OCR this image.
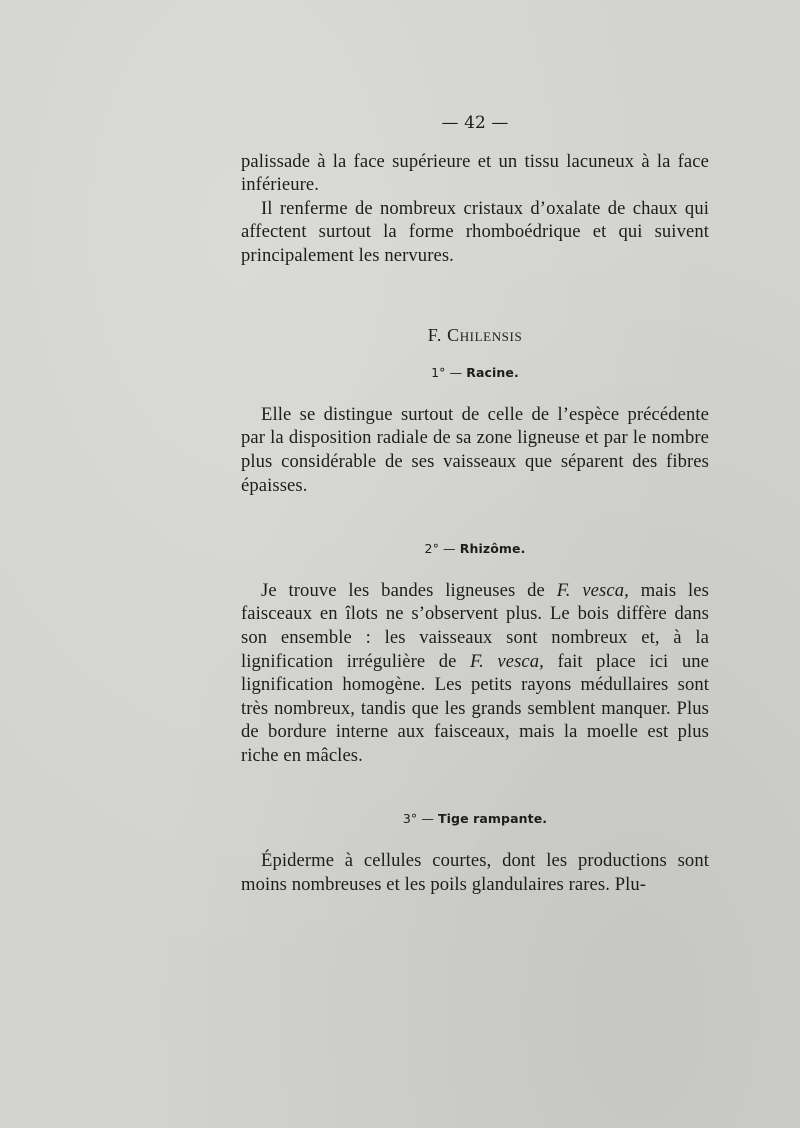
— 42 —

palissade à la face supérieure et un tissu lacuneux à la face inférieure.

Il renferme de nombreux cristaux d’oxalate de chaux qui affectent surtout la forme rhomboédrique et qui suivent principalement les nervures.

F. Chilensis
1° — Racine.

Elle se distingue surtout de celle de l’espèce précédente par la disposition radiale de sa zone ligneuse et par le nombre plus considérable de ses vaisseaux que séparent des fibres épaisses.

2° — Rhizôme.

Je trouve les bandes ligneuses de F. vesca, mais les faisceaux en îlots ne s’observent plus. Le bois diffère dans son ensemble : les vaisseaux sont nombreux et, à la lignification irrégulière de F. vesca, fait place ici une lignification homogène. Les petits rayons médullaires sont très nombreux, tandis que les grands semblent manquer. Plus de bordure interne aux faisceaux, mais la moelle est plus riche en mâcles.

3° — Tige rampante.

Épiderme à cellules courtes, dont les productions sont moins nombreuses et les poils glandulaires rares. Plu-
